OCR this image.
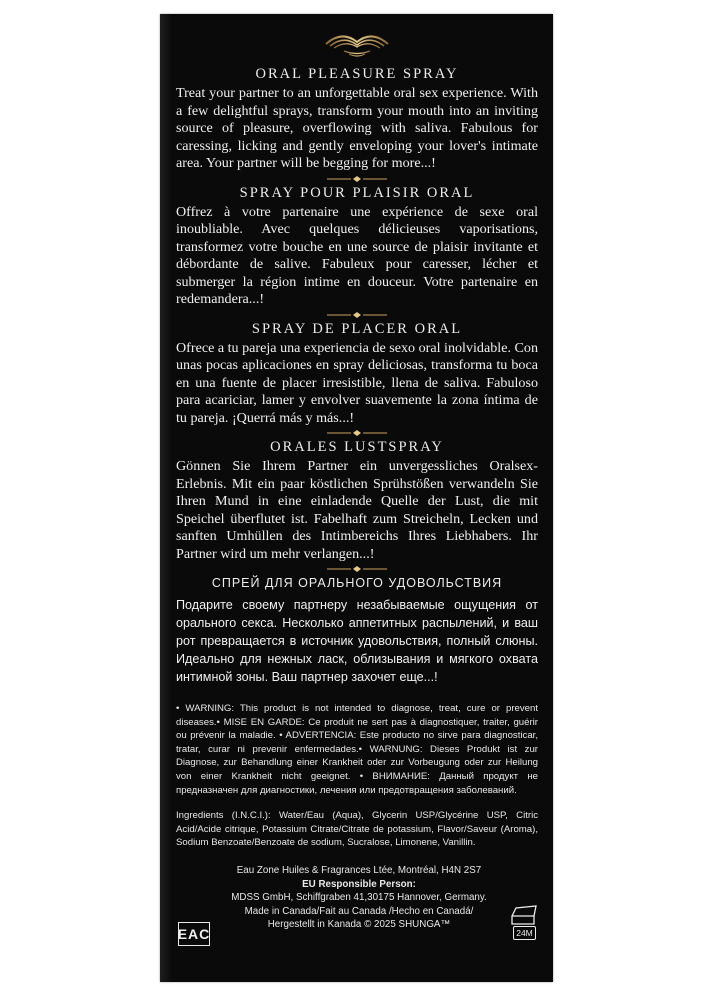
ORAL PLEASURE SPRAY

Treat your partner to an unforgettable oral sex experience. With a few delightful sprays, transform your mouth into an inviting source of pleasure, overflowing with saliva. Fabulous for caressing, licking and gently enveloping your lover's intimate area. Your partner will be begging for more...!

SPRAY POUR PLAISIR ORAL

Offrez à votre partenaire une expérience de sexe oral inoubliable. Avec quelques délicieuses vaporisations, transformez votre bouche en une source de plaisir invitante et débordante de salive. Fabuleux pour caresser, lécher et submerger la région intime en douceur. Votre partenaire en redemandera...!

SPRAY DE PLACER ORAL

Ofrece a tu pareja una experiencia de sexo oral inolvidable. Con unas pocas aplicaciones en spray deliciosas, transforma tu boca en una fuente de placer irresistible, llena de saliva. Fabuloso para acariciar, lamer y envolver suavemente la zona íntima de tu pareja. ¡Querrá más y más...!

ORALES LUSTSPRAY

Gönnen Sie Ihrem Partner ein unvergessliches Oralsex-Erlebnis. Mit ein paar köstlichen Sprühstößen verwandeln Sie Ihren Mund in eine einladende Quelle der Lust, die mit Speichel überflutet ist. Fabelhaft zum Streicheln, Lecken und sanften Umhüllen des Intimbereichs Ihres Liebhabers. Ihr Partner wird um mehr verlangen...!

СПРЕЙ ДЛЯ ОРАЛЬНОГО УДОВОЛЬСТВИЯ

Подарите своему партнеру незабываемые ощущения от орального секса. Несколько аппетитных распылений, и ваш рот превращается в источник удовольствия, полный слюны. Идеально для нежных ласк, облизывания и мягкого охвата интимной зоны. Ваш партнер захочет еще...!

• WARNING: This product is not intended to diagnose, treat, cure or prevent diseases.• MISE EN GARDE: Ce produit ne sert pas à diagnostiquer, traiter, guérir ou prévenir la maladie. • ADVERTENCIA: Este producto no sirve para diagnosticar, tratar, curar ni prevenir enfermedades.• WARNUNG: Dieses Produkt ist zur Diagnose, zur Behandlung einer Krankheit oder zur Vorbeugung oder zur Heilung von einer Krankheit nicht geeignet. • ВНИМАНИЕ: Данный продукт не предназначен для диагностики, лечения или предотвращения заболеваний.

Ingredients (I.N.C.I.): Water/Eau (Aqua), Glycerin USP/Glycérine USP, Citric Acid/Acide citrique, Potassium Citrate/Citrate de potassium, Flavor/Saveur (Aroma), Sodium Benzoate/Benzoate de sodium, Sucralose, Limonene, Vanillin.

Eau Zone Huiles & Fragrances Ltée, Montréal, H4N 2S7

EU Responsible Person:

MDSS GmbH, Schiffgraben 41,30175 Hannover, Germany.

Made in Canada/Fait au Canada /Hecho en Canadá/

Hergestellt in Kanada © 2025 SHUNGA™

EAC	24M
